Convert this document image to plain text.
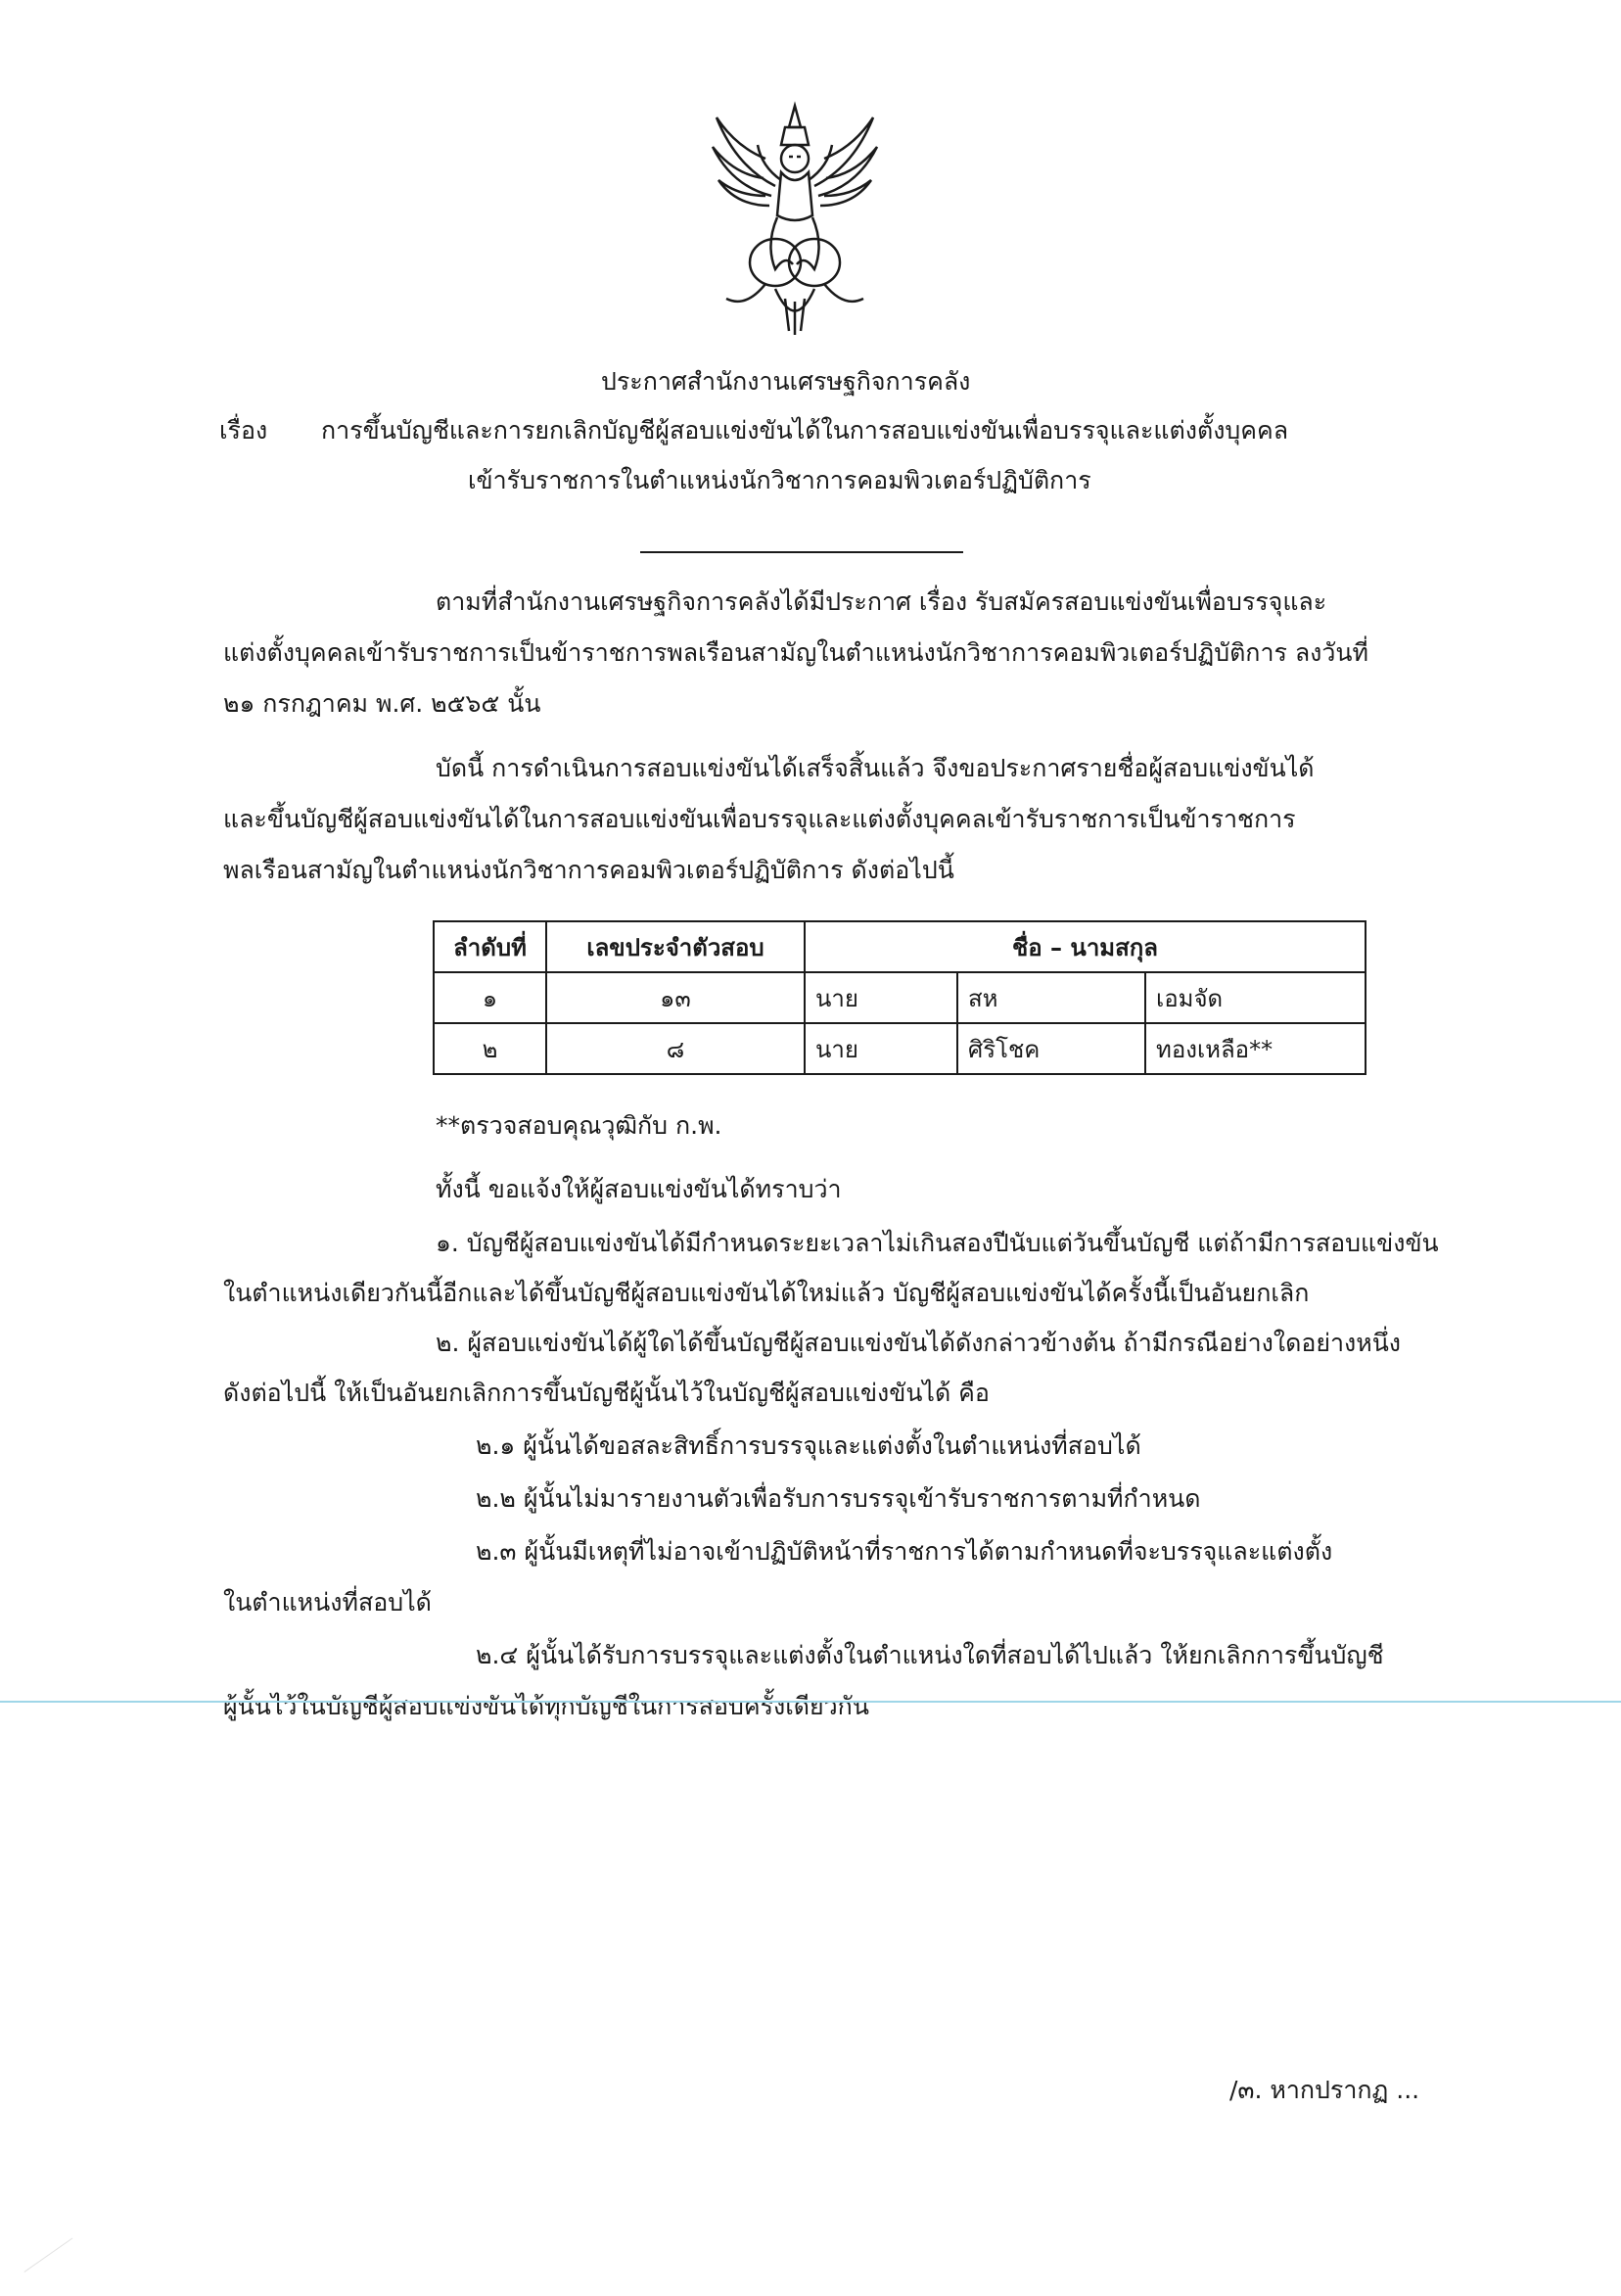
ประกาศสำนักงานเศรษฐกิจการคลัง
เรื่อง การขึ้นบัญชีและการยกเลิกบัญชีผู้สอบแข่งขันได้ในการสอบแข่งขันเพื่อบรรจุและแต่งตั้งบุคคล
เข้ารับราชการในตำแหน่งนักวิชาการคอมพิวเตอร์ปฏิบัติการ
ตามที่สำนักงานเศรษฐกิจการคลังได้มีประกาศ เรื่อง รับสมัครสอบแข่งขันเพื่อบรรจุและ
แต่งตั้งบุคคลเข้ารับราชการเป็นข้าราชการพลเรือนสามัญในตำแหน่งนักวิชาการคอมพิวเตอร์ปฏิบัติการ ลงวันที่
๒๑ กรกฎาคม พ.ศ. ๒๕๖๕ นั้น
บัดนี้ การดำเนินการสอบแข่งขันได้เสร็จสิ้นแล้ว จึงขอประกาศรายชื่อผู้สอบแข่งขันได้
และขึ้นบัญชีผู้สอบแข่งขันได้ในการสอบแข่งขันเพื่อบรรจุและแต่งตั้งบุคคลเข้ารับราชการเป็นข้าราชการ
พลเรือนสามัญในตำแหน่งนักวิชาการคอมพิวเตอร์ปฏิบัติการ ดังต่อไปนี้
ลำดับที่	เลขประจำตัวสอบ	ชื่อ – นามสกุล		
๑	๑๓	นาย	สห	เอมจัด
๒	๘	นาย	ศิริโชค	ทองเหลือ**
**ตรวจสอบคุณวุฒิกับ ก.พ.
ทั้งนี้ ขอแจ้งให้ผู้สอบแข่งขันได้ทราบว่า
๑. บัญชีผู้สอบแข่งขันได้มีกำหนดระยะเวลาไม่เกินสองปีนับแต่วันขึ้นบัญชี แต่ถ้ามีการสอบแข่งขัน
ในตำแหน่งเดียวกันนี้อีกและได้ขึ้นบัญชีผู้สอบแข่งขันได้ใหม่แล้ว บัญชีผู้สอบแข่งขันได้ครั้งนี้เป็นอันยกเลิก
๒. ผู้สอบแข่งขันได้ผู้ใดได้ขึ้นบัญชีผู้สอบแข่งขันได้ดังกล่าวข้างต้น ถ้ามีกรณีอย่างใดอย่างหนึ่ง
ดังต่อไปนี้ ให้เป็นอันยกเลิกการขึ้นบัญชีผู้นั้นไว้ในบัญชีผู้สอบแข่งขันได้ คือ
๒.๑ ผู้นั้นได้ขอสละสิทธิ์การบรรจุและแต่งตั้งในตำแหน่งที่สอบได้
๒.๒ ผู้นั้นไม่มารายงานตัวเพื่อรับการบรรจุเข้ารับราชการตามที่กำหนด
๒.๓ ผู้นั้นมีเหตุที่ไม่อาจเข้าปฏิบัติหน้าที่ราชการได้ตามกำหนดที่จะบรรจุและแต่งตั้ง
ในตำแหน่งที่สอบได้
๒.๔ ผู้นั้นได้รับการบรรจุและแต่งตั้งในตำแหน่งใดที่สอบได้ไปแล้ว ให้ยกเลิกการขึ้นบัญชี
ผู้นั้นไว้ในบัญชีผู้สอบแข่งขันได้ทุกบัญชีในการสอบครั้งเดียวกัน
/๓. หากปรากฏ ...
